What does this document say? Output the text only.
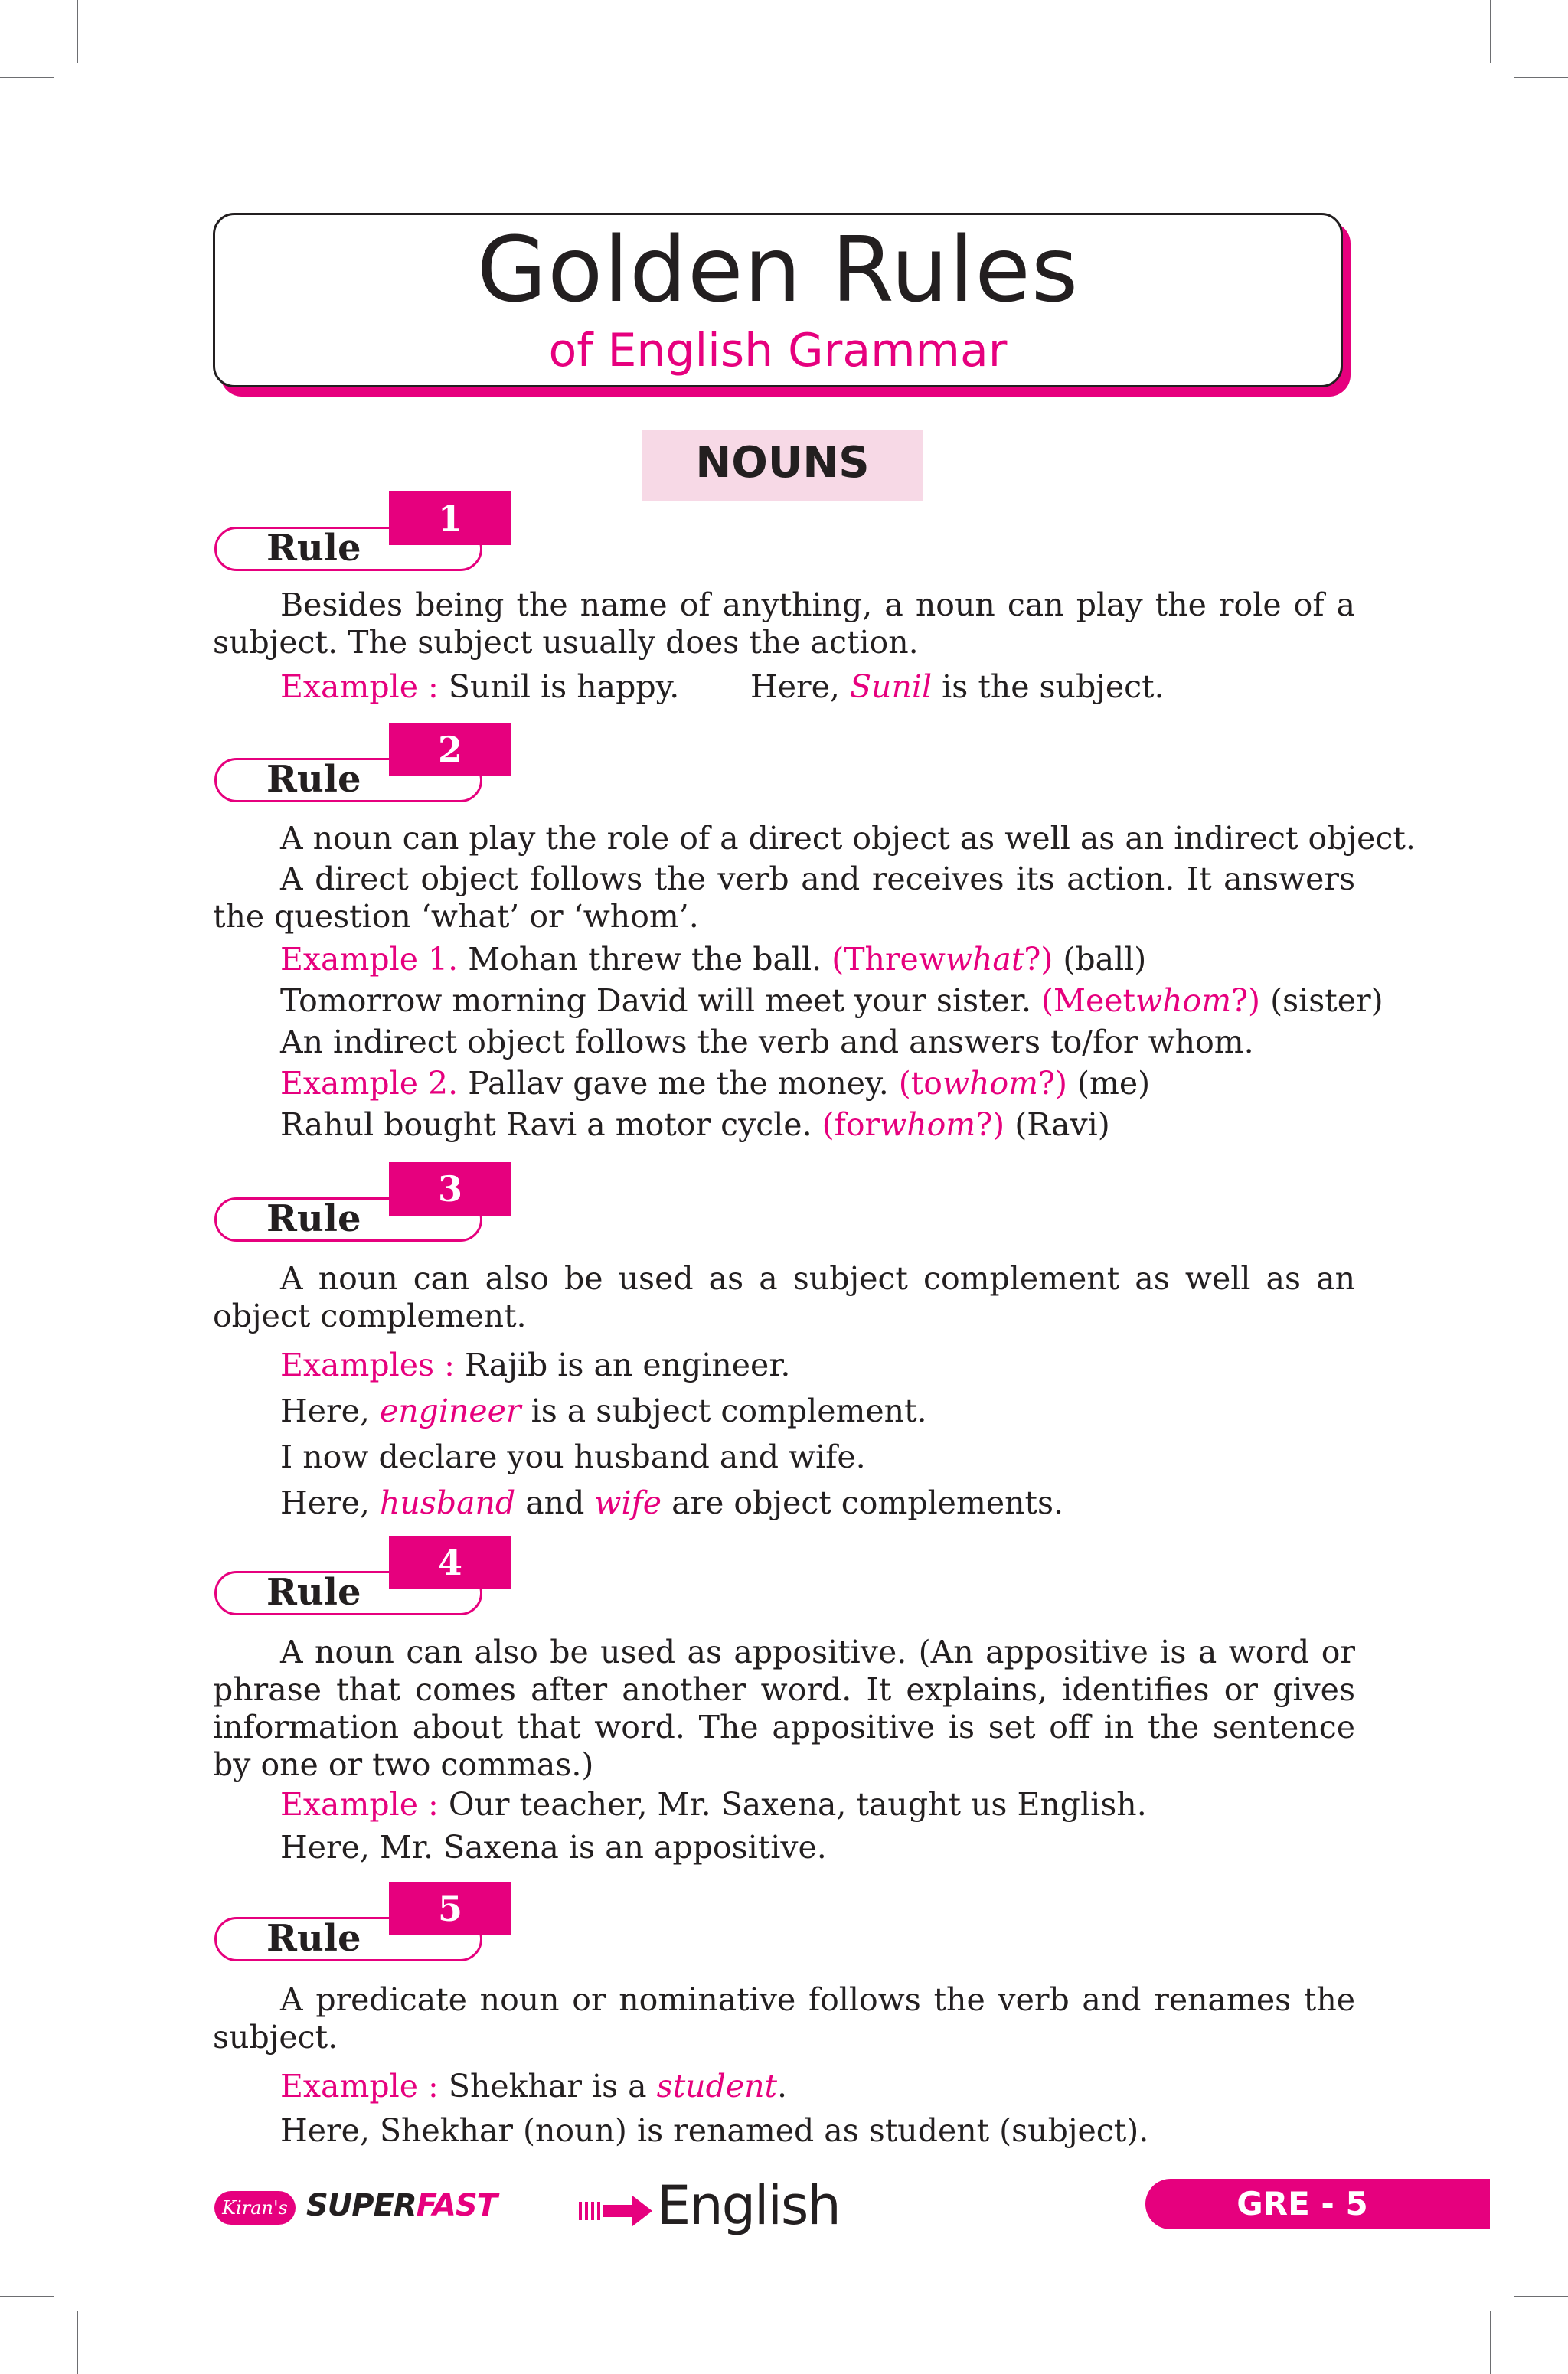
Golden Rules
of English Grammar
NOUNS
Rule
1

Besides being the name of anything, a noun can play the role of a subject. The subject usually does the action.

Example : Sunil is happy. Here, Sunil is the subject.

Rule
2

A noun can play the role of a direct object as well as an indirect object.

A direct object follows the verb and receives its action. It answers the question ‘what’ or ‘whom’.

Example 1. Mohan threw the ball. (Threwwhat?) (ball)

Tomorrow morning David will meet your sister. (Meetwhom?) (sister)

An indirect object follows the verb and answers to/for whom.

Example 2. Pallav gave me the money. (towhom?) (me)

Rahul bought Ravi a motor cycle. (forwhom?) (Ravi)

Rule
3

A noun can also be used as a subject complement as well as an object complement.

Examples : Rajib is an engineer.

Here, engineer is a subject complement.

I now declare you husband and wife.

Here, husband and wife are object complements.

Rule
4

A noun can also be used as appositive. (An appositive is a word or phrase that comes after another word. It explains, identifies or gives information about that word. The appositive is set off in the sentence by one or two commas.)

Example : Our teacher, Mr. Saxena, taught us English.

Here, Mr. Saxena is an appositive.

Rule
5

A predicate noun or nominative follows the verb and renames the subject.

Example : Shekhar is a student.

Here, Shekhar (noun) is renamed as student (subject).

Kiran's SUPERFAST	English	GRE - 5
